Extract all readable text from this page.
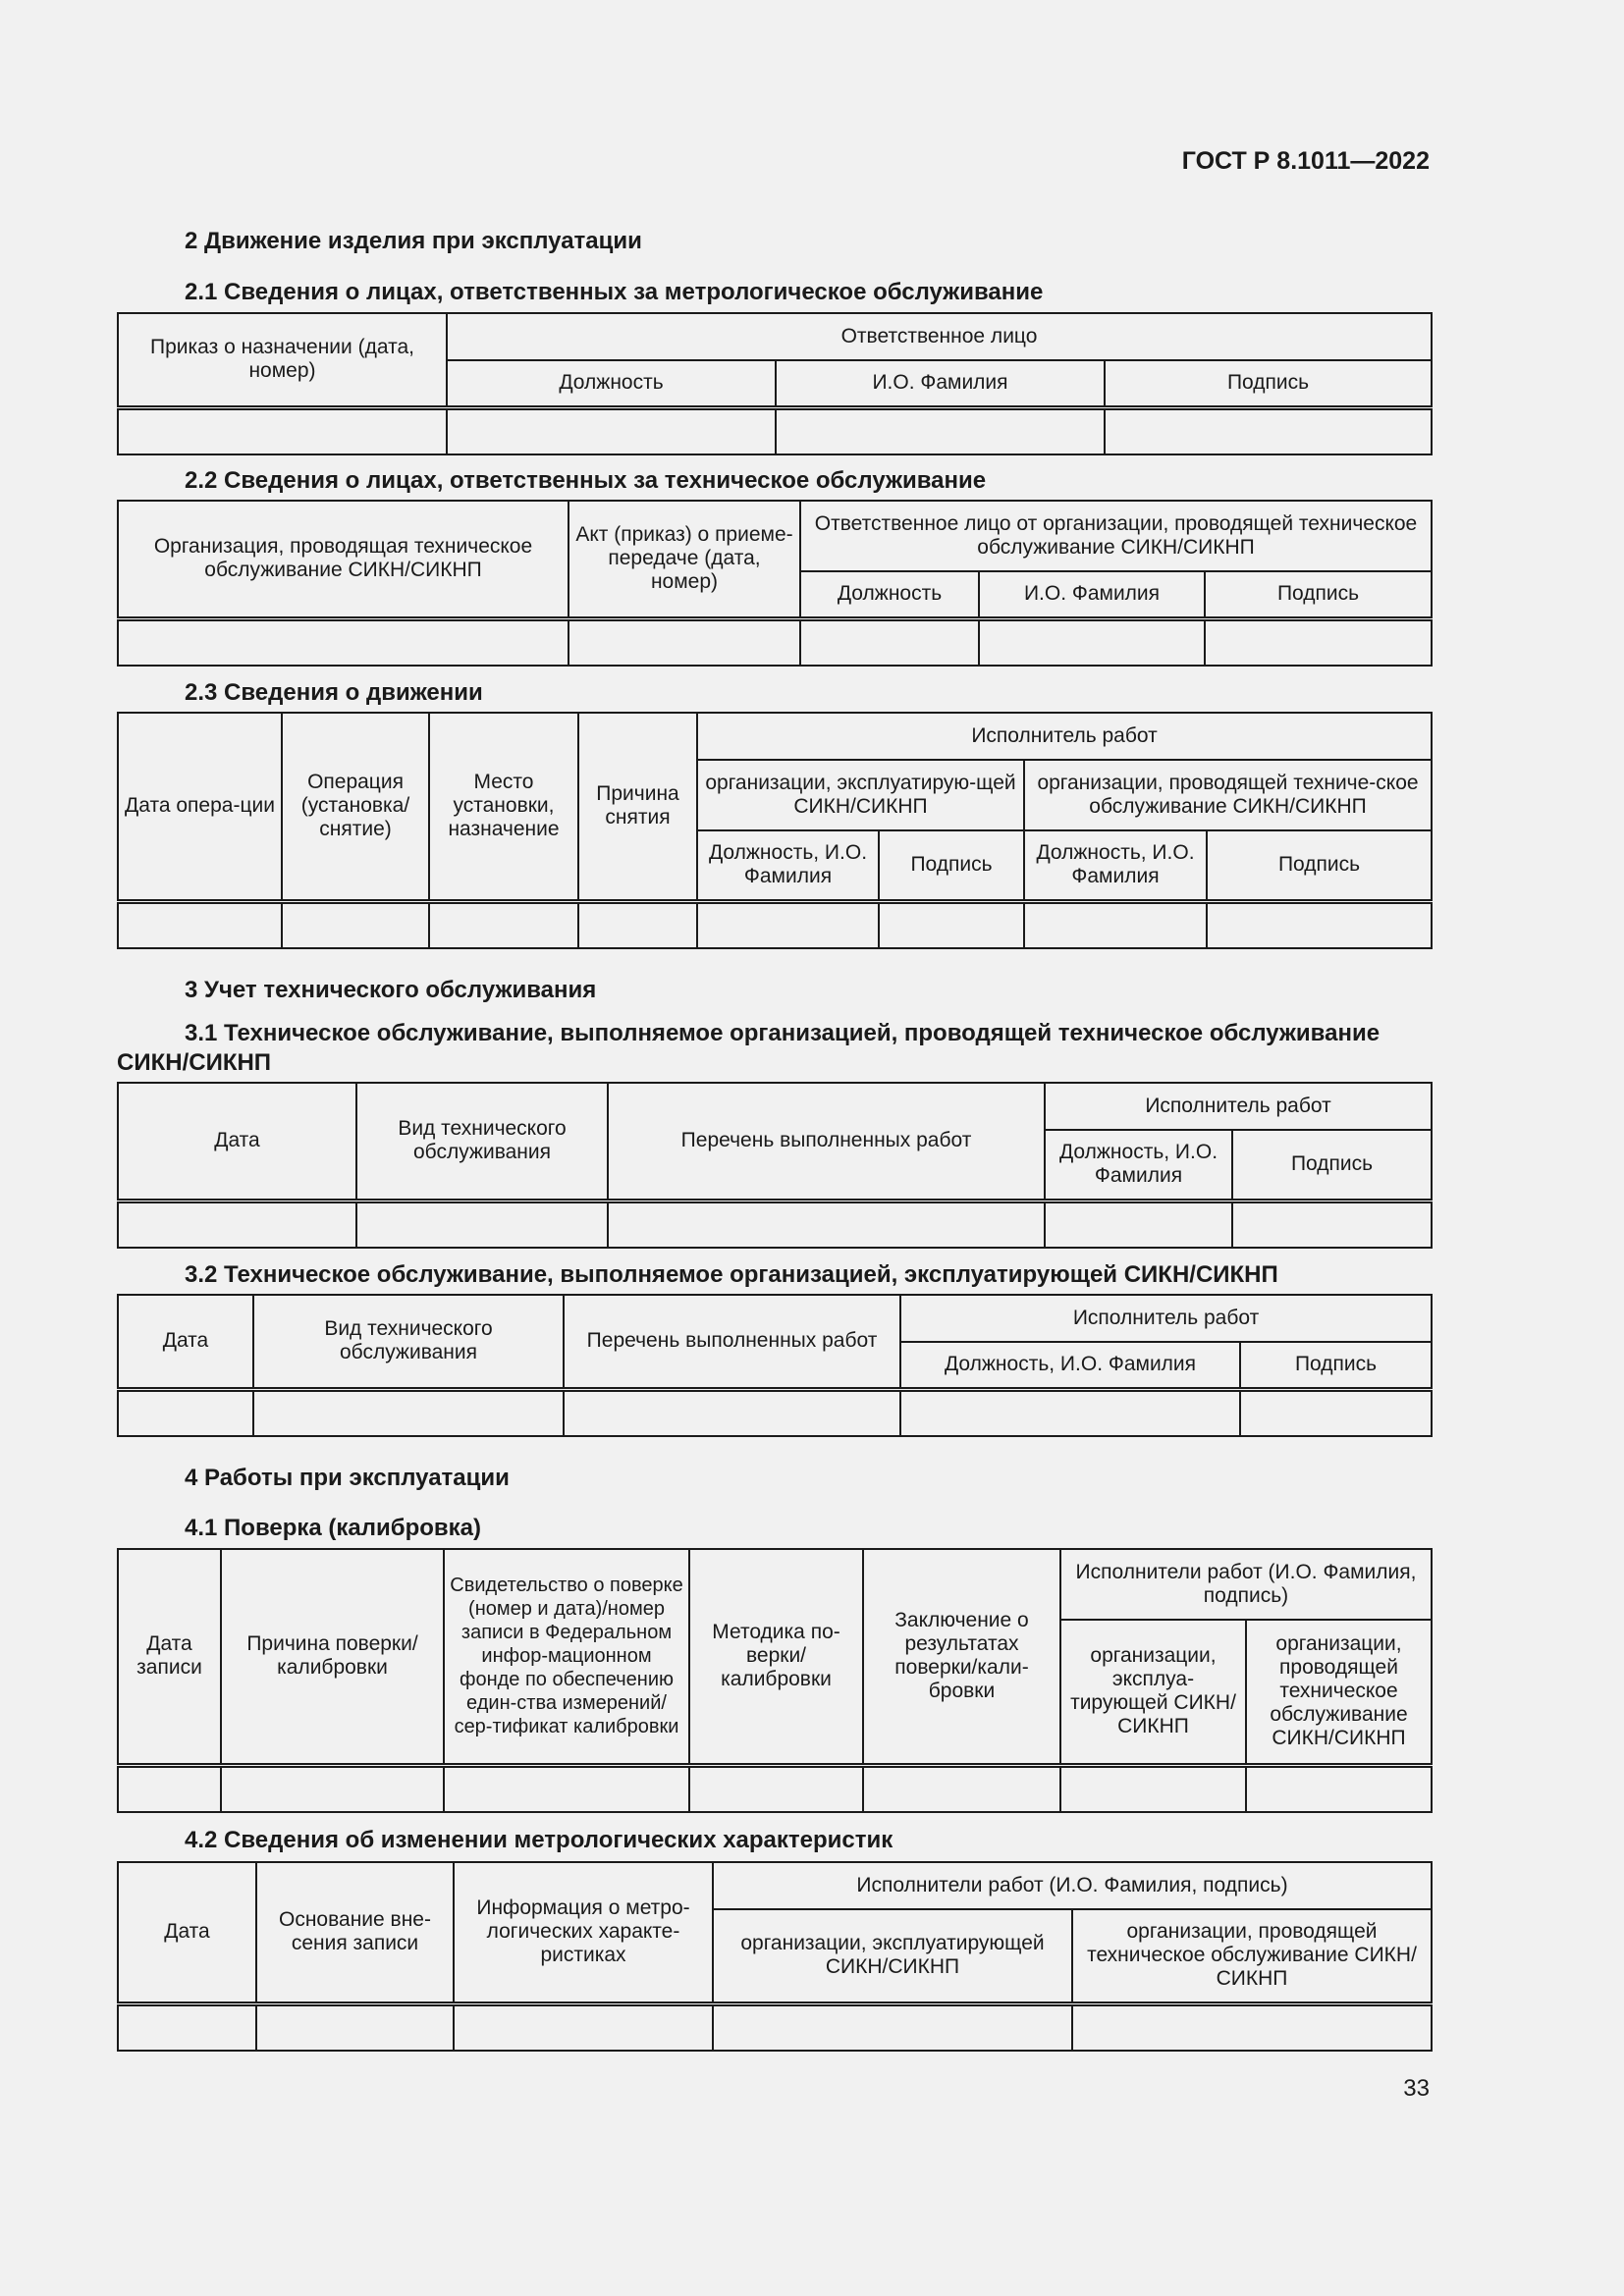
ГОСТ Р 8.1011—2022
2 Движение изделия при эксплуатации
2.1 Сведения о лицах, ответственных за метрологическое обслуживание
Приказ о назначении (дата, номер)	Ответственное лицо		
	Должность	И.О. Фамилия	Подпись

2.2 Сведения о лицах, ответственных за техническое обслуживание
Организация, проводящая техническое обслуживание СИКН/СИКНП	Акт (приказ) о приеме-передаче (дата, номер)	Ответственное лицо от организации, проводящей техническое обслуживание СИКН/СИКНП		
		Должность	И.О. Фамилия	Подпись

2.3 Сведения о движении
Дата опера-ции	Операция (установка/ снятие)	Место установки, назначение	Причина снятия	Исполнитель работ			
				организации, эксплуатирую-щей СИКН/СИКНП		организации, проводящей техниче-ское обслуживание СИКН/СИКНП	
				Должность, И.О. Фамилия	Подпись	Должность, И.О. Фамилия	Подпись

3 Учет технического обслуживания
3.1 Техническое обслуживание, выполняемое организацией, проводящей техническое обслуживание СИКН/СИКНП
Дата	Вид технического обслуживания	Перечень выполненных работ	Исполнитель работ	
			Должность, И.О. Фамилия	Подпись

3.2 Техническое обслуживание, выполняемое организацией, эксплуатирующей СИКН/СИКНП
Дата	Вид технического обслуживания	Перечень выполненных работ	Исполнитель работ	
			Должность, И.О. Фамилия	Подпись

4 Работы при эксплуатации
4.1 Поверка (калибровка)
Дата записи	Причина поверки/ калибровки	Свидетельство о поверке (номер и дата)/номер записи в Федеральном инфор-мационном фонде по обеспечению един-ства измерений/сер-тификат калибровки	Методика по-верки/ калибровки	Заключение о результатах поверки/кали-бровки	Исполнители работ (И.О. Фамилия, подпись)	
					организации, эксплуа-тирующей СИКН/СИКНП	организации, проводящей техническое обслуживание СИКН/СИКНП

4.2 Сведения об изменении метрологических характеристик
Дата	Основание вне-сения записи	Информация о метро-логических характе-ристиках	Исполнители работ (И.О. Фамилия, подпись)	
			организации, эксплуатирующей СИКН/СИКНП	организации, проводящей техническое обслуживание СИКН/СИКНП

33
